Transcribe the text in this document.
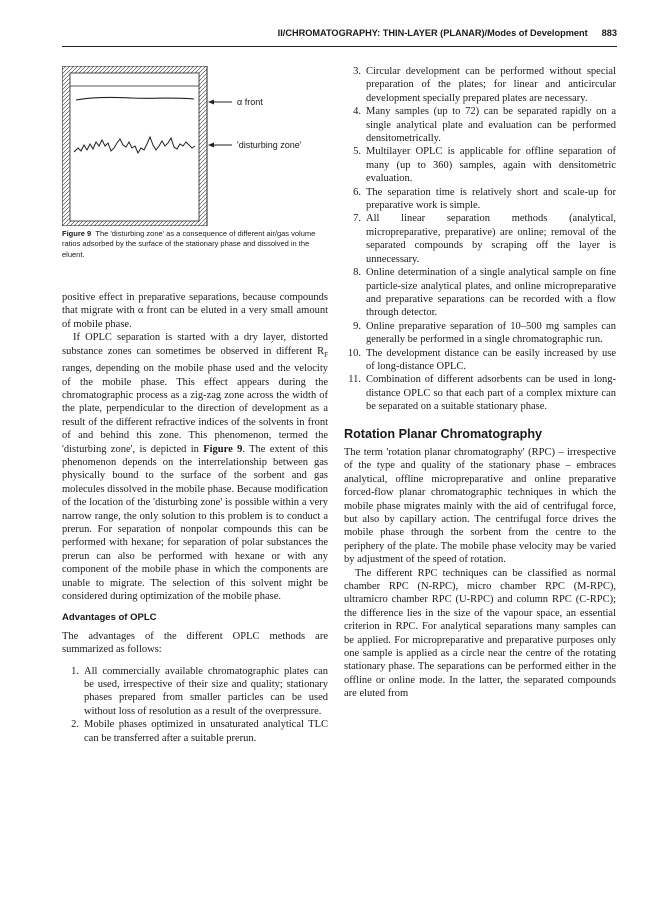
II/CHROMATOGRAPHY: THIN-LAYER (PLANAR)/Modes of Development 883
α front
'disturbing zone'
Figure 9 The 'disturbing zone' as a consequence of different air/gas volume ratios adsorbed by the surface of the stationary phase and dissolved in the eluent.

positive effect in preparative separations, because compounds that migrate with α front can be eluted in a very small amount of mobile phase.

If OPLC separation is started with a dry layer, distorted substance zones can sometimes be observed in different $R_F$ ranges, depending on the mobile phase used and the velocity of the mobile phase. This effect appears during the chromatographic process as a zig-zag zone across the width of the plate, perpendicular to the direction of development as a result of the different refractive indices of the solvents in front of and behind this zone. This phenomenon, termed the 'disturbing zone', is depicted in Figure 9. The extent of this phenomenon depends on the interrelationship between gas physically bound to the surface of the sorbent and gas molecules dissolved in the mobile phase. Because modification of the location of the 'disturbing zone' is possible within a very narrow range, the only solution to this problem is to conduct a prerun. For separation of nonpolar compounds this can be performed with hexane; for separation of polar substances the prerun can also be performed with hexane or with any component of the mobile phase in which the components are unable to migrate. The selection of this solvent might be considered during optimization of the mobile phase.

Advantages of OPLC

The advantages of the different OPLC methods are summarized as follows:

1. All commercially available chromatographic plates can be used, irrespective of their size and quality; stationary phases prepared from smaller particles can be used without loss of resolution as a result of the overpressure.
2. Mobile phases optimized in unsaturated analytical TLC can be transferred after a suitable prerun.
3. Circular development can be performed without special preparation of the plates; for linear and anticircular development specially prepared plates are necessary.
4. Many samples (up to 72) can be separated rapidly on a single analytical plate and evaluation can be performed densitometrically.
5. Multilayer OPLC is applicable for offline separation of many (up to 360) samples, again with densitometric evaluation.
6. The separation time is relatively short and scale-up for preparative work is simple.
7. All linear separation methods (analytical, micropreparative, preparative) are online; removal of the separated compounds by scraping off the layer is unnecessary.
8. Online determination of a single analytical sample on fine particle-size analytical plates, and online micropreparative and preparative separations can be recorded with a flow through detector.
9. Online preparative separation of 10–500 mg samples can generally be performed in a single chromatographic run.
10. The development distance can be easily increased by use of long-distance OPLC.
11. Combination of different adsorbents can be used in long-distance OPLC so that each part of a complex mixture can be separated on a suitable stationary phase.
Rotation Planar Chromatography

The term 'rotation planar chromatography' (RPC) – irrespective of the type and quality of the stationary phase – embraces analytical, offline micropreparative and online preparative forced-flow planar chromatographic techniques in which the mobile phase migrates mainly with the aid of centrifugal force, but also by capillary action. The centrifugal force drives the mobile phase through the sorbent from the centre to the periphery of the plate. The mobile phase velocity may be varied by adjustment of the speed of rotation.

The different RPC techniques can be classified as normal chamber RPC (N-RPC), micro chamber RPC (M-RPC), ultramicro chamber RPC (U-RPC) and column RPC (C-RPC); the difference lies in the size of the vapour space, an essential criterion in RPC. For analytical separations many samples can be applied. For micropreparative and preparative purposes only one sample is applied as a circle near the centre of the rotating stationary phase. The separations can be performed either in the offline or online mode. In the latter, the separated compounds are eluted from
